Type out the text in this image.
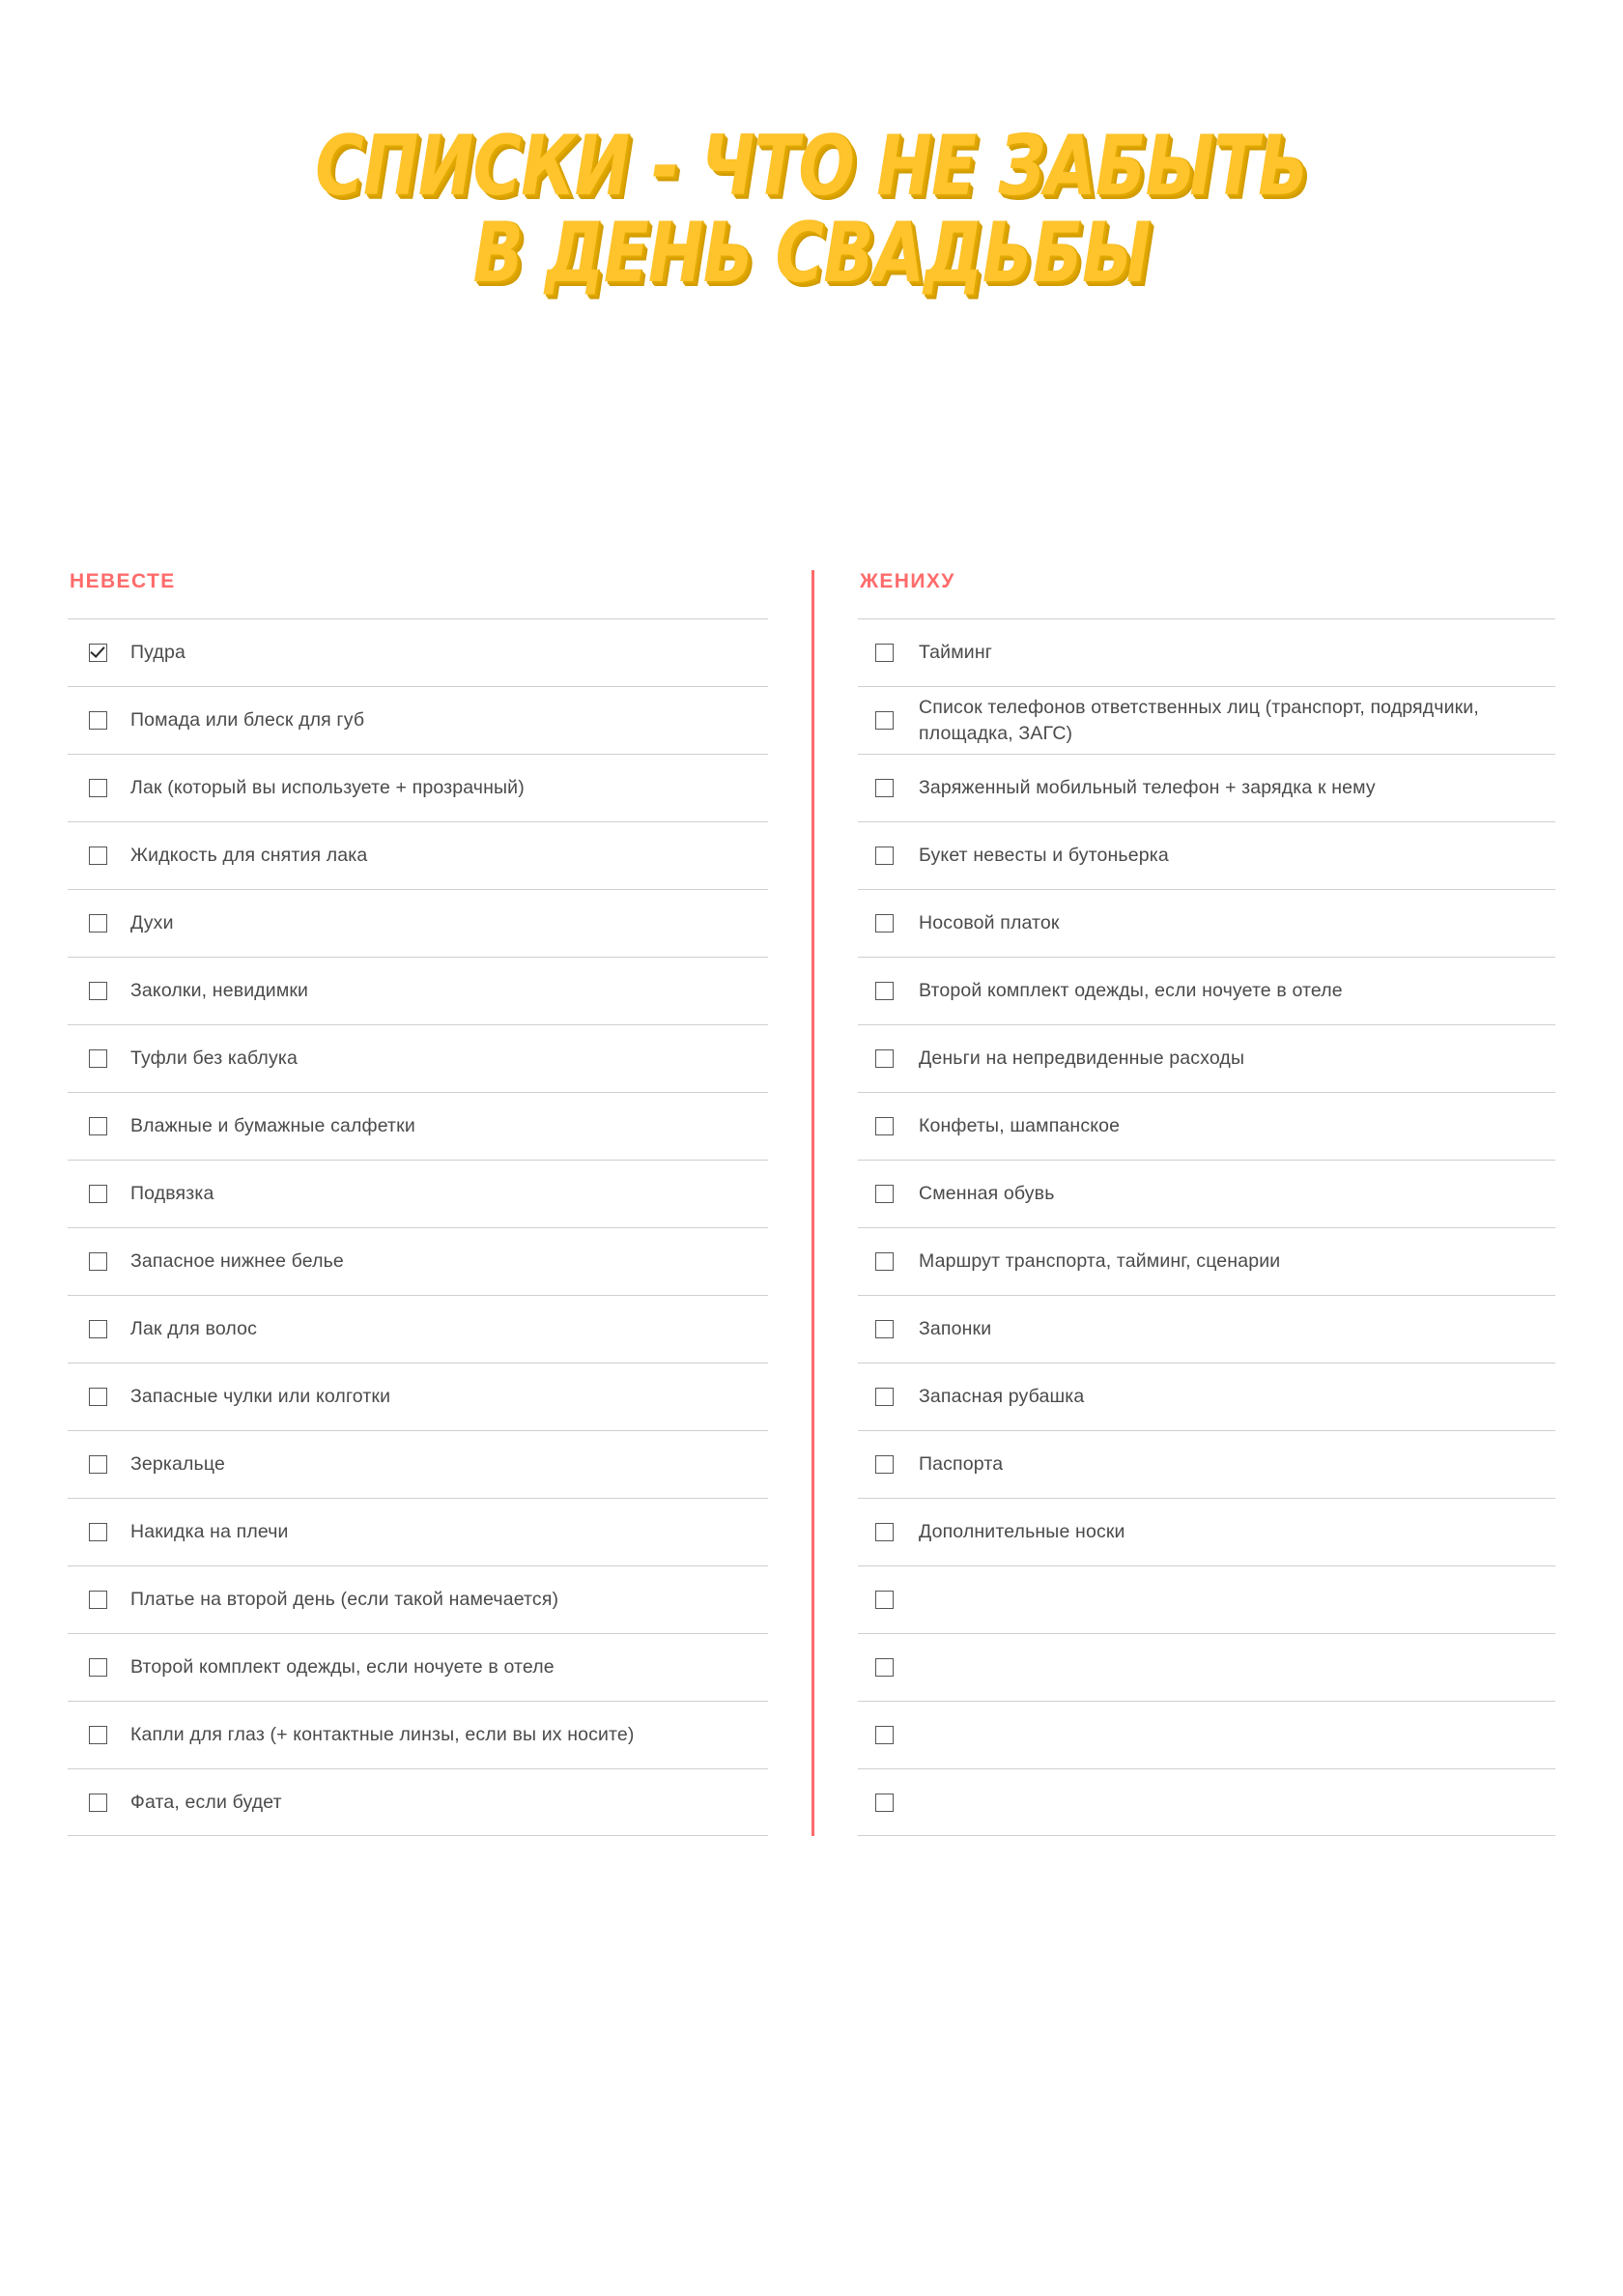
СПИСКИ - ЧТО НЕ ЗАБЫТЬ
В ДЕНЬ СВАДЬБЫ
НЕВЕСТЕ
Пудра
Помада или блеск для губ
Лак (который вы используете + прозрачный)
Жидкость для снятия лака
Духи
Заколки, невидимки
Туфли без каблука
Влажные и бумажные салфетки
Подвязка
Запасное нижнее белье
Лак для волос
Запасные чулки или колготки
Зеркальце
Накидка на плечи
Платье на второй день (если такой намечается)
Второй комплект одежды, если ночуете в отеле
Капли для глаз (+ контактные линзы, если вы их носите)
Фата, если будет
ЖЕНИХУ
Тайминг
Список телефонов ответственных лиц (транспорт, подрядчики, площадка, ЗАГС)
Заряженный мобильный телефон + зарядка к нему
Букет невесты и бутоньерка
Носовой платок
Второй комплект одежды, если ночуете в отеле
Деньги на непредвиденные расходы
Конфеты, шампанское
Сменная обувь
Маршрут транспорта, тайминг, сценарии
Запонки
Запасная рубашка
Паспорта
Дополнительные носки
